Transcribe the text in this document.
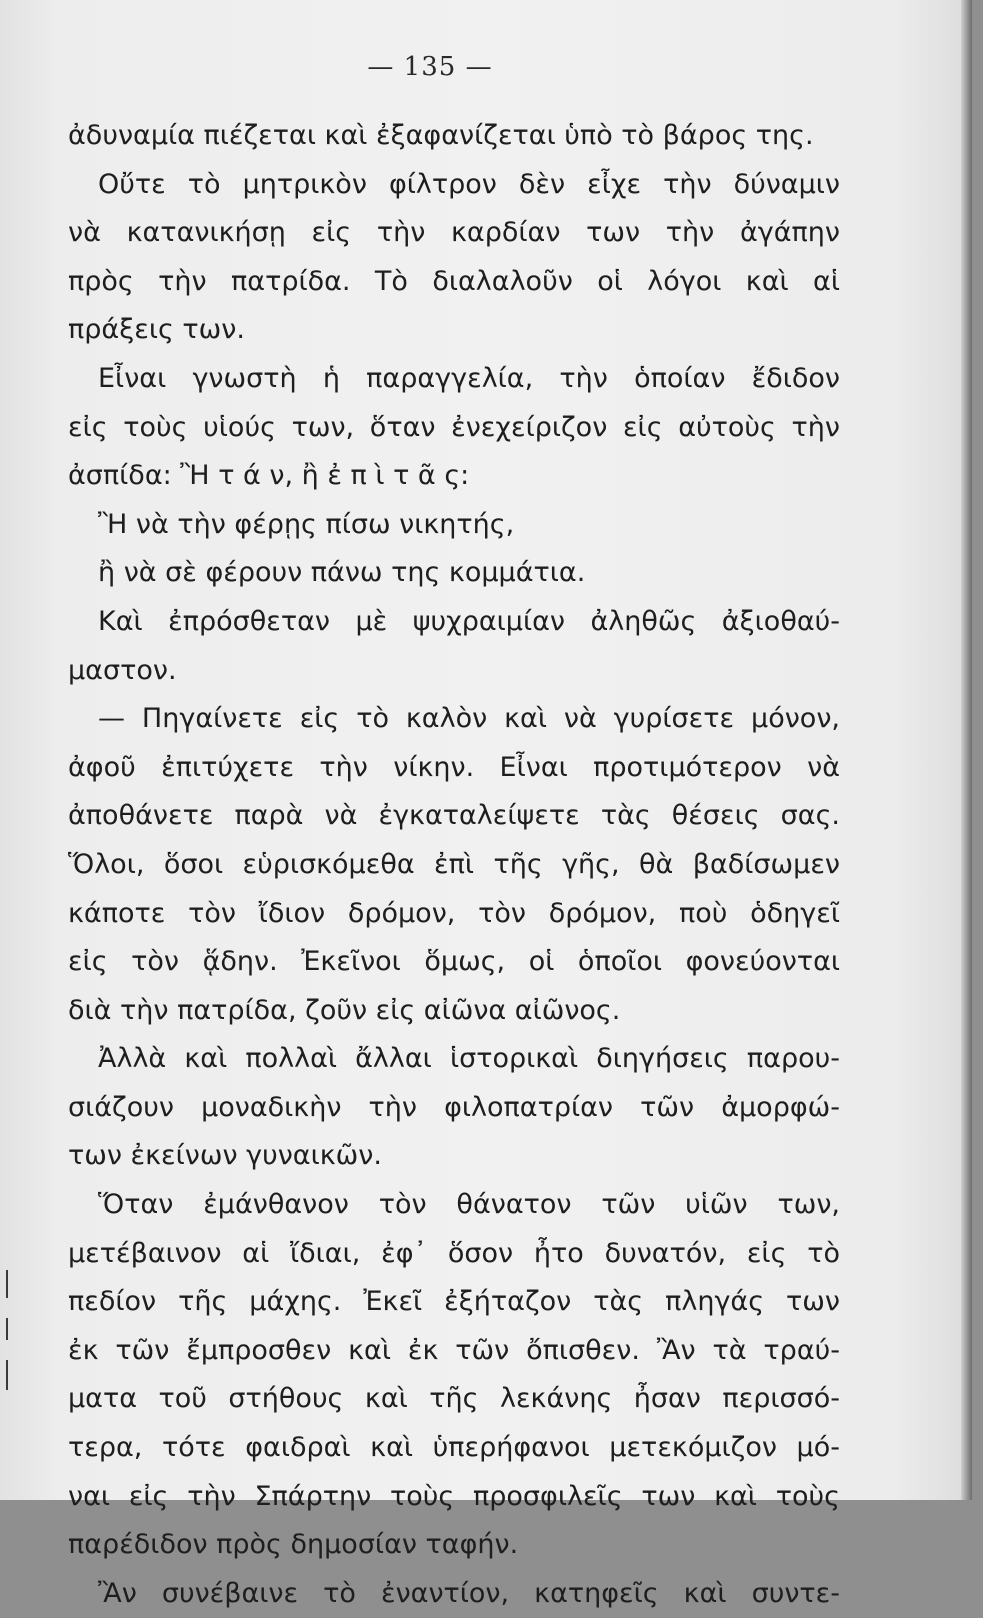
— 135 —
ἀδυναμία πιέζεται καὶ ἐξαφανίζεται ὑπὸ τὸ βάρος της.
Οὔτε τὸ μητρικὸν φίλτρον δὲν εἶχε τὴν δύναμιν
νὰ κατανικήσῃ εἰς τὴν καρδίαν των τὴν ἀγάπην
πρὸς τὴν πατρίδα. Τὸ διαλαλοῦν οἱ λόγοι καὶ αἱ
πράξεις των.
Εἶναι γνωστὴ ἡ παραγγελία, τὴν ὁποίαν ἔδιδον
εἰς τοὺς υἱούς των, ὅταν ἐνεχείριζον εἰς αὐτοὺς τὴν
ἀσπίδα: Ἢ τ ά ν, ἢ ἐ π ὶ τ ᾶ ς:
Ἢ νὰ τὴν φέρῃς πίσω νικητής,
ἢ νὰ σὲ φέρουν πάνω της κομμάτια.
Καὶ ἐπρόσθεταν μὲ ψυχραιμίαν ἀληθῶς ἀξιοθαύ-
μαστον.
— Πηγαίνετε εἰς τὸ καλὸν καὶ νὰ γυρίσετε μόνον,
ἀφοῦ ἐπιτύχετε τὴν νίκην. Εἶναι προτιμότερον νὰ
ἀποθάνετε παρὰ νὰ ἐγκαταλείψετε τὰς θέσεις σας.
Ὅλοι, ὅσοι εὑρισκόμεθα ἐπὶ τῆς γῆς, θὰ βαδίσωμεν
κάποτε τὸν ἴδιον δρόμον, τὸν δρόμον, ποὺ ὁδηγεῖ
εἰς τὸν ᾅδην. Ἐκεῖνοι ὅμως, οἱ ὁποῖοι φονεύονται
διὰ τὴν πατρίδα, ζοῦν εἰς αἰῶνα αἰῶνος.
Ἀλλὰ καὶ πολλαὶ ἄλλαι ἱστορικαὶ διηγήσεις παρου-
σιάζουν μοναδικὴν τὴν φιλοπατρίαν τῶν ἀμορφώ-
των ἐκείνων γυναικῶν.
Ὅταν ἐμάνθανον τὸν θάνατον τῶν υἱῶν των,
μετέβαινον αἱ ἴδιαι, ἐφ᾽ ὅσον ἦτο δυνατόν, εἰς τὸ
πεδίον τῆς μάχης. Ἐκεῖ ἐξήταζον τὰς πληγάς των
ἐκ τῶν ἔμπροσθεν καὶ ἐκ τῶν ὄπισθεν. Ἂν τὰ τραύ-
ματα τοῦ στήθους καὶ τῆς λεκάνης ἦσαν περισσό-
τερα, τότε φαιδραὶ καὶ ὑπερήφανοι μετεκόμιζον μό-
ναι εἰς τὴν Σπάρτην τοὺς προσφιλεῖς των καὶ τοὺς
παρέδιδον πρὸς δημοσίαν ταφήν.
Ἂν συνέβαινε τὸ ἐναντίον, κατηφεῖς καὶ συντε-
